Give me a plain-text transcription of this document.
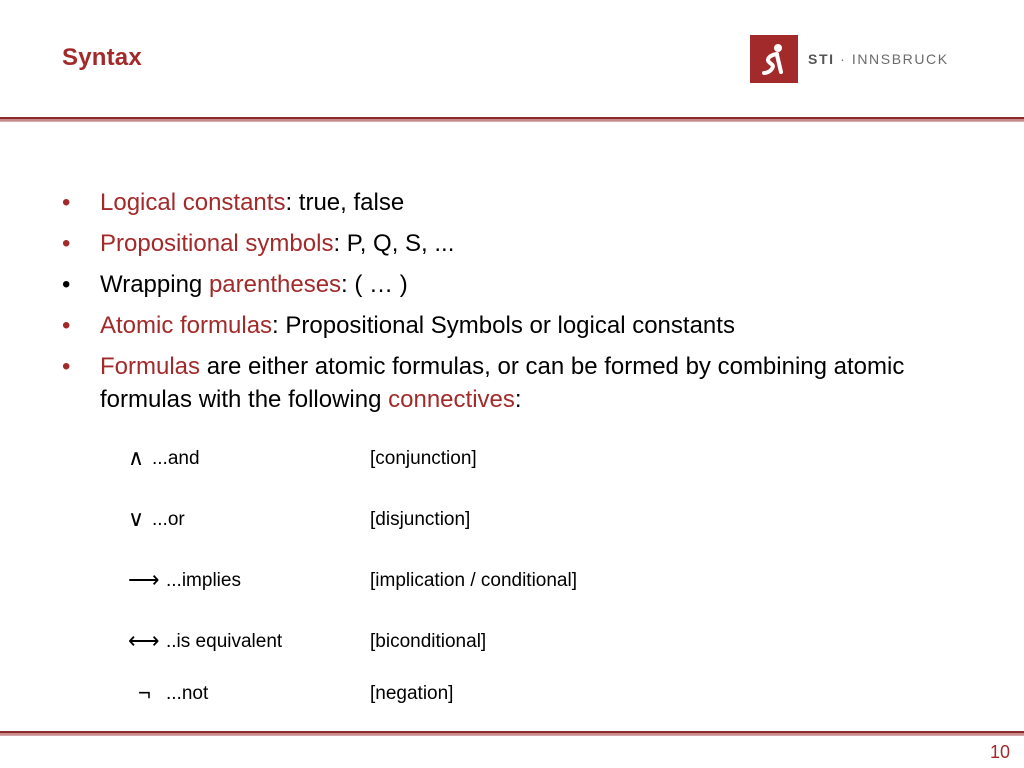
Syntax	STI · INNSBRUCK
• Logical constants: true, false
• Propositional symbols: P, Q, S, ...
• Wrapping parentheses: ( … )
• Atomic formulas: Propositional Symbols or logical constants
• Formulas are either atomic formulas, or can be formed by combining atomic formulas with the following connectives:
∧ ...and	[conjunction]
∨ ...or	[disjunction]
⟶ ...implies	[implication / conditional]
⟷ ..is equivalent	[biconditional]
¬ ...not	[negation]
10
